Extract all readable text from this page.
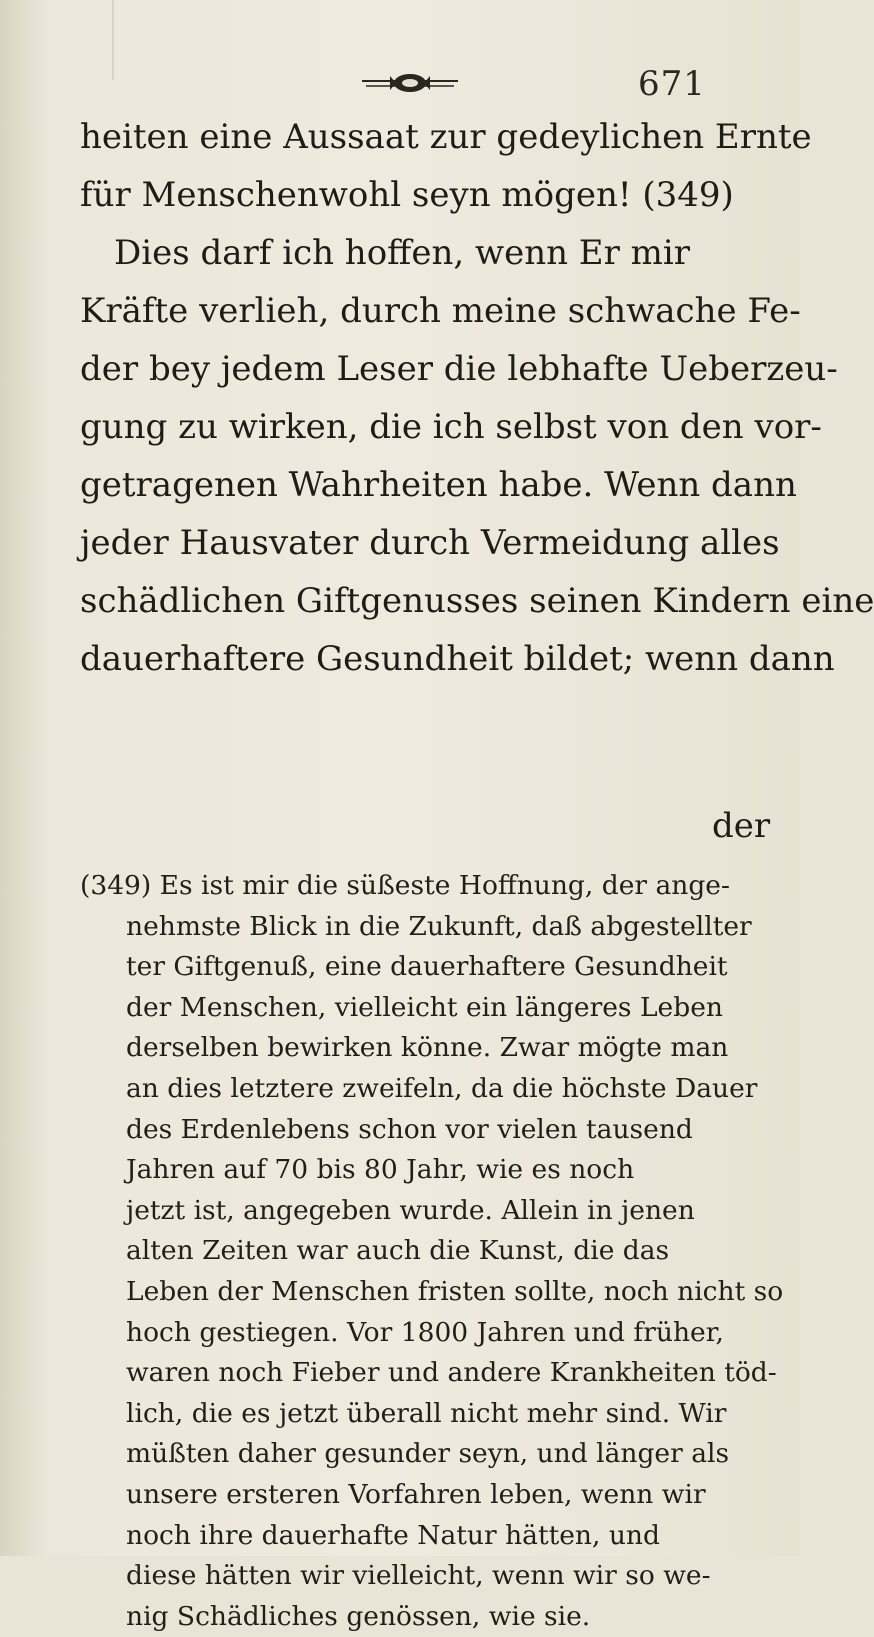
671
heiten eine Aussaat zur gedeylichen Ernte
für Menschenwohl seyn mögen! (349)
Dies darf ich hoffen, wenn Er mir
Kräfte verlieh, durch meine schwache Fe-
der bey jedem Leser die lebhafte Ueberzeu-
gung zu wirken, die ich selbst von den vor-
getragenen Wahrheiten habe. Wenn dann
jeder Hausvater durch Vermeidung alles
schädlichen Giftgenusses seinen Kindern eine
dauerhaftere Gesundheit bildet; wenn dann
der
(349) Es ist mir die süßeste Hoffnung, der ange-
nehmste Blick in die Zukunft, daß abgestellter
ter Giftgenuß, eine dauerhaftere Gesundheit
der Menschen, vielleicht ein längeres Leben
derselben bewirken könne. Zwar mögte man
an dies letztere zweifeln, da die höchste Dauer
des Erdenlebens schon vor vielen tausend
Jahren auf 70 bis 80 Jahr, wie es noch
jetzt ist, angegeben wurde. Allein in jenen
alten Zeiten war auch die Kunst, die das
Leben der Menschen fristen sollte, noch nicht so
hoch gestiegen. Vor 1800 Jahren und früher,
waren noch Fieber und andere Krankheiten töd-
lich, die es jetzt überall nicht mehr sind. Wir
müßten daher gesunder seyn, und länger als
unsere ersteren Vorfahren leben, wenn wir
noch ihre dauerhafte Natur hätten, und
diese hätten wir vielleicht, wenn wir so we-
nig Schädliches genössen, wie sie.
